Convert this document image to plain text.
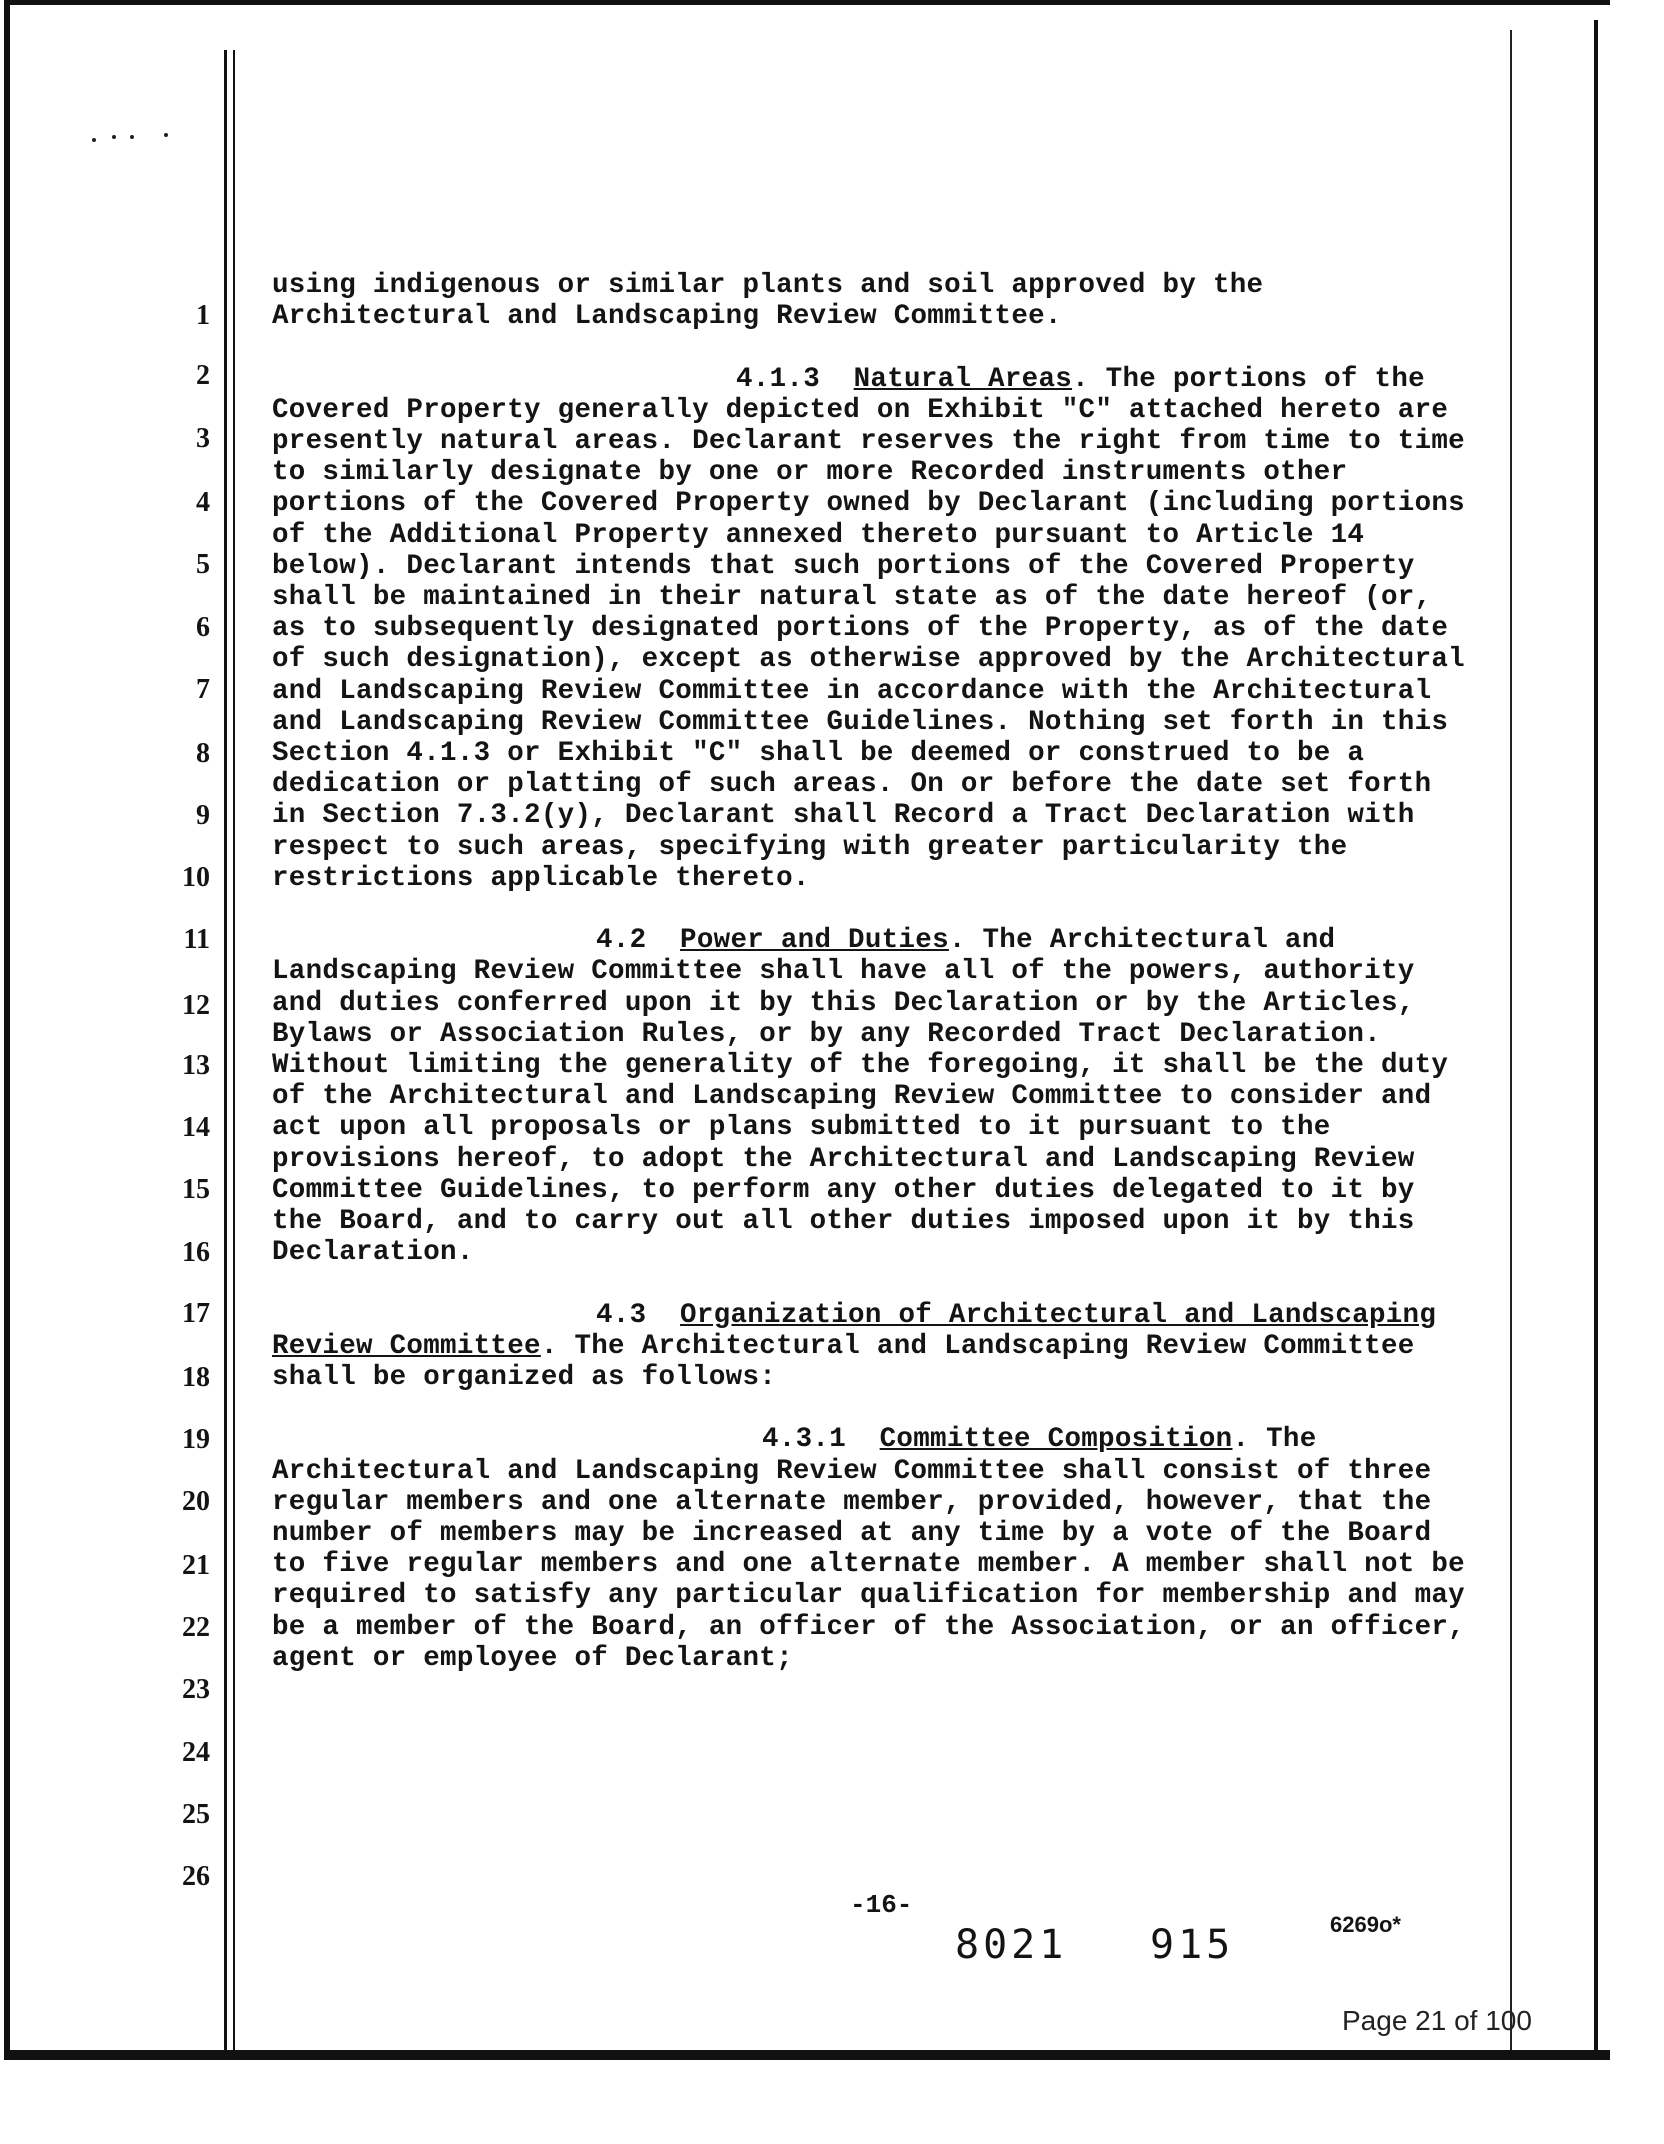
1
2
3
4
5
6
7
8
9
10
11
12
13
14
15
16
17
18
19
20
21
22
23
24
25
26

using indigenous or similar plants and soil approved by the Architectural and Landscaping Review Committee.

4.1.3 Natural Areas. The portions of the Covered Property generally depicted on Exhibit "C" attached hereto are presently natural areas. Declarant reserves the right from time to time to similarly designate by one or more Recorded instruments other portions of the Covered Property owned by Declarant (including portions of the Additional Property annexed thereto pursuant to Article 14 below). Declarant intends that such portions of the Covered Property shall be maintained in their natural state as of the date hereof (or, as to subsequently designated portions of the Property, as of the date of such designation), except as otherwise approved by the Architectural and Landscaping Review Committee in accordance with the Architectural and Landscaping Review Committee Guidelines. Nothing set forth in this Section 4.1.3 or Exhibit "C" shall be deemed or construed to be a dedication or platting of such areas. On or before the date set forth in Section 7.3.2(y), Declarant shall Record a Tract Declaration with respect to such areas, specifying with greater particularity the restrictions applicable thereto.

4.2 Power and Duties. The Architectural and Landscaping Review Committee shall have all of the powers, authority and duties conferred upon it by this Declaration or by the Articles, Bylaws or Association Rules, or by any Recorded Tract Declaration. Without limiting the generality of the foregoing, it shall be the duty of the Architectural and Landscaping Review Committee to consider and act upon all proposals or plans submitted to it pursuant to the provisions hereof, to adopt the Architectural and Landscaping Review Committee Guidelines, to perform any other duties delegated to it by the Board, and to carry out all other duties imposed upon it by this Declaration.

4.3 Organization of Architectural and Landscaping Review Committee. The Architectural and Landscaping Review Committee shall be organized as follows:

4.3.1 Committee Composition. The Architectural and Landscaping Review Committee shall consist of three regular members and one alternate member, provided, however, that the number of members may be increased at any time by a vote of the Board to five regular members and one alternate member. A member shall not be required to satisfy any particular qualification for membership and may be a member of the Board, an officer of the Association, or an officer, agent or employee of Declarant;

-16-
8021 915	6269o*
Page 21 of 100
